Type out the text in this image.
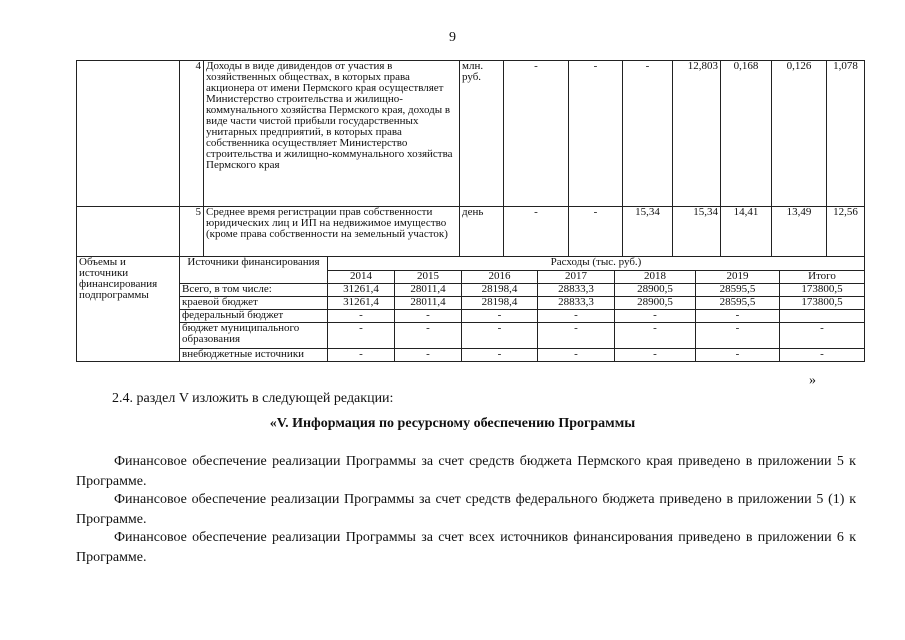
9
	4	Доходы в виде дивидендов от участия в хозяйственных обществах, в которых права акционера от имени Пермского края осуществляет Министерство строительства и жилищно-коммунального хозяйства Пермского края, доходы в виде части чистой прибыли государственных унитарных предприятий, в которых права собственника осуществляет Министерство строительства и жилищно-коммунального хозяйства Пермского края	млн. руб.	-	-	-	12,803	0,168	0,126	1,078
	5	Среднее время регистрации прав собственности юридических лиц и ИП на недвижимое имущество (кроме права собственности на земельный участок)	день	-	-	15,34	15,34	14,41	13,49	12,56
Объемы и источники финансирования подпрограммы	Источники финансирования	Расходы (тыс. руб.)						
		2014	2015	2016	2017	2018	2019	Итого
	Всего, в том числе:	31261,4	28011,4	28198,4	28833,3	28900,5	28595,5	173800,5
	краевой бюджет	31261,4	28011,4	28198,4	28833,3	28900,5	28595,5	173800,5
	федеральный бюджет	-	-	-	-	-	-	
	бюджет муниципального образования	-	-	-	-	-	-	-
	внебюджетные источники	-	-	-	-	-	-	-
»
2.4. раздел V изложить в следующей редакции:
«V. Информация по ресурсному обеспечению Программы
Финансовое обеспечение реализации Программы за счет средств бюджета Пермского края приведено в приложении 5 к Программе.
Финансовое обеспечение реализации Программы за счет средств федерального бюджета приведено в приложении 5 (1) к Программе.
Финансовое обеспечение реализации Программы за счет всех источников финансирования приведено в приложении 6 к Программе.
